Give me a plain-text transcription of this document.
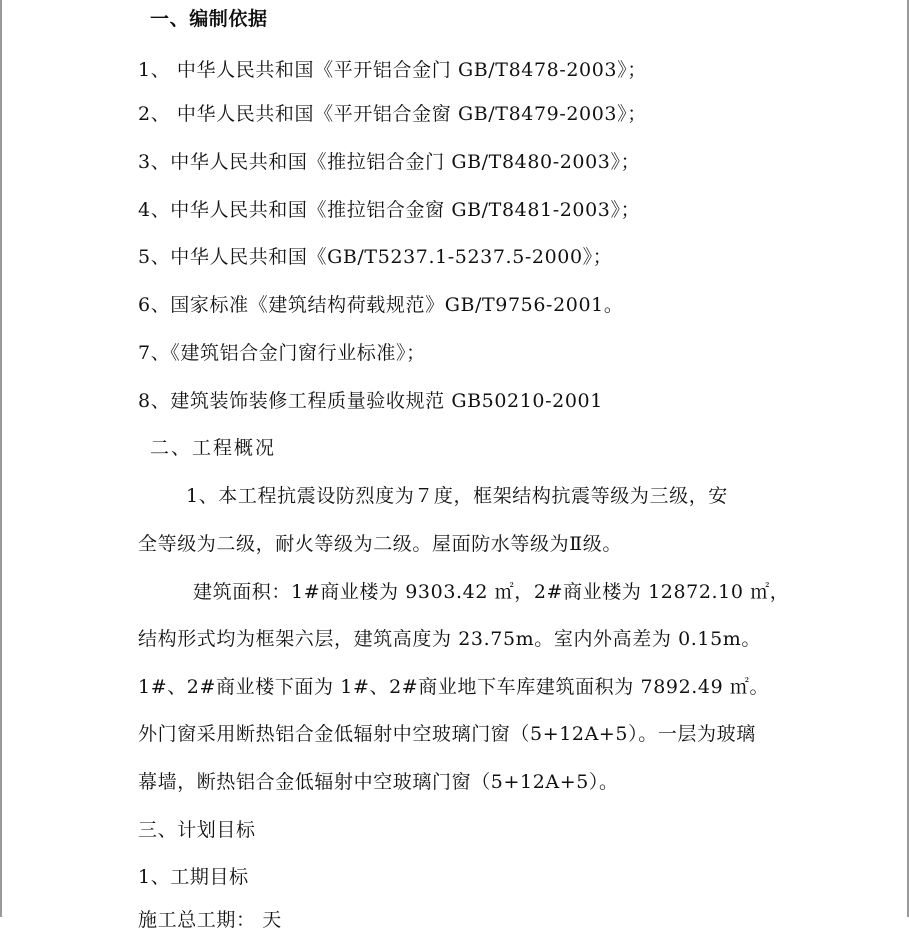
一、编制依据
1、 中华人民共和国《平开铝合金门 GB/T8478-2003》；
2、 中华人民共和国《平开铝合金窗 GB/T8479-2003》；
3、中华人民共和国《推拉铝合金门 GB/T8480-2003》；
4、中华人民共和国《推拉铝合金窗 GB/T8481-2003》；
5、中华人民共和国《GB/T5237.1-5237.5-2000》；
6、国家标准《建筑结构荷载规范》GB/T9756-2001。
7、《建筑铝合金门窗行业标准》；
8、建筑装饰装修工程质量验收规范 GB50210-2001
二、工程概况
1、本工程抗震设防烈度为７度，框架结构抗震等级为三级，安
全等级为二级，耐火等级为二级。屋面防水等级为Ⅱ级。
建筑面积：1#商业楼为 9303.42 ㎡，2#商业楼为 12872.10 ㎡，
结构形式均为框架六层，建筑高度为 23.75m。室内外高差为 0.15m。
1#、2#商业楼下面为 1#、2#商业地下车库建筑面积为 7892.49 ㎡。
外门窗采用断热铝合金低辐射中空玻璃门窗（5+12A+5）。一层为玻璃
幕墙，断热铝合金低辐射中空玻璃门窗（5+12A+5）。
三、计划目标
1、工期目标
施工总工期： 天
